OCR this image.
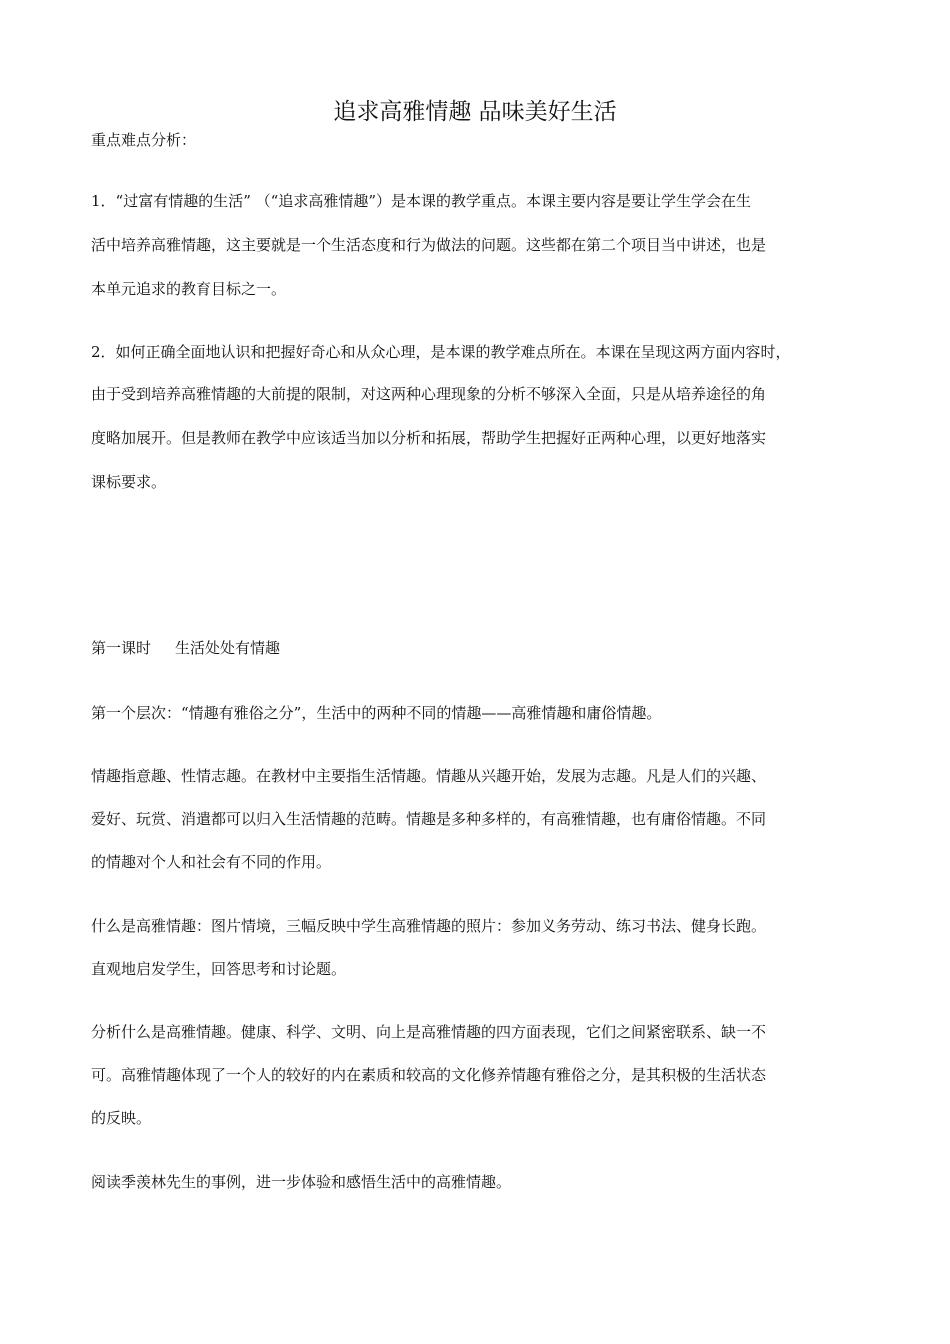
追求高雅情趣 品味美好生活
重点难点分析：
1．“过富有情趣的生活” （“追求高雅情趣”）是本课的教学重点。本课主要内容是要让学生学会在生
活中培养高雅情趣，这主要就是一个生活态度和行为做法的问题。这些都在第二个项目当中讲述，也是
本单元追求的教育目标之一。
2．如何正确全面地认识和把握好奇心和从众心理，是本课的教学难点所在。本课在呈现这两方面内容时，
由于受到培养高雅情趣的大前提的限制，对这两种心理现象的分析不够深入全面，只是从培养途径的角
度略加展开。但是教师在教学中应该适当加以分析和拓展，帮助学生把握好正两种心理，以更好地落实
课标要求。
第一课时 生活处处有情趣
第一个层次：“情趣有雅俗之分”，生活中的两种不同的情趣——高雅情趣和庸俗情趣。
情趣指意趣、性情志趣。在教材中主要指生活情趣。情趣从兴趣开始，发展为志趣。凡是人们的兴趣、
爱好、玩赏、消遣都可以归入生活情趣的范畴。情趣是多种多样的，有高雅情趣，也有庸俗情趣。不同
的情趣对个人和社会有不同的作用。
什么是高雅情趣：图片情境，三幅反映中学生高雅情趣的照片：参加义务劳动、练习书法、健身长跑。
直观地启发学生，回答思考和讨论题。
分析什么是高雅情趣。健康、科学、文明、向上是高雅情趣的四方面表现，它们之间紧密联系、缺一不
可。高雅情趣体现了一个人的较好的内在素质和较高的文化修养情趣有雅俗之分，是其积极的生活状态
的反映。
阅读季羡林先生的事例，进一步体验和感悟生活中的高雅情趣。
